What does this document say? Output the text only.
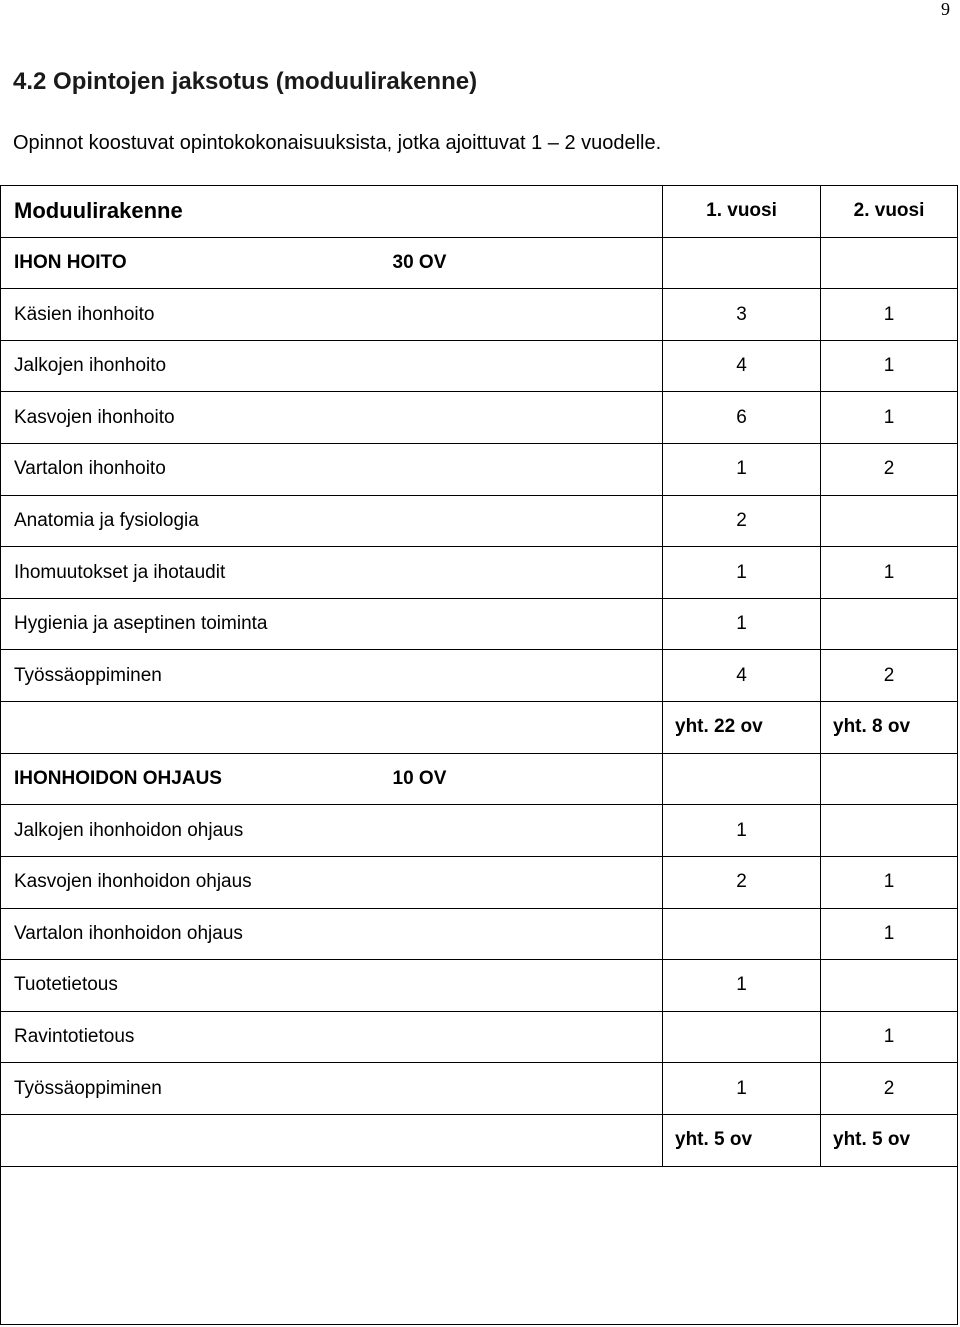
9
4.2 Opintojen jaksotus (moduulirakenne)

Opinnot koostuvat opintokokonaisuuksista, jotka ajoittuvat 1 – 2 vuodelle.

Moduulirakenne		1. vuosi	2. vuosi
IHON HOITO	30 OV		
Käsien ihonhoito		3	1
Jalkojen ihonhoito		4	1
Kasvojen ihonhoito		6	1
Vartalon ihonhoito		1	2
Anatomia ja fysiologia		2	
Ihomuutokset ja ihotaudit		1	1
Hygienia ja aseptinen toiminta		1	
Työssäoppiminen		4	2

		yht. 22 ov	yht. 8 ov

IHONHOIDON OHJAUS	10 OV		
Jalkojen ihonhoidon ohjaus		1	
Kasvojen ihonhoidon ohjaus		2	1
Vartalon ihonhoidon ohjaus			1
Tuotetietous		1	
Ravintotietous			1
Työssäoppiminen		1	2

		yht. 5 ov	yht. 5 ov
